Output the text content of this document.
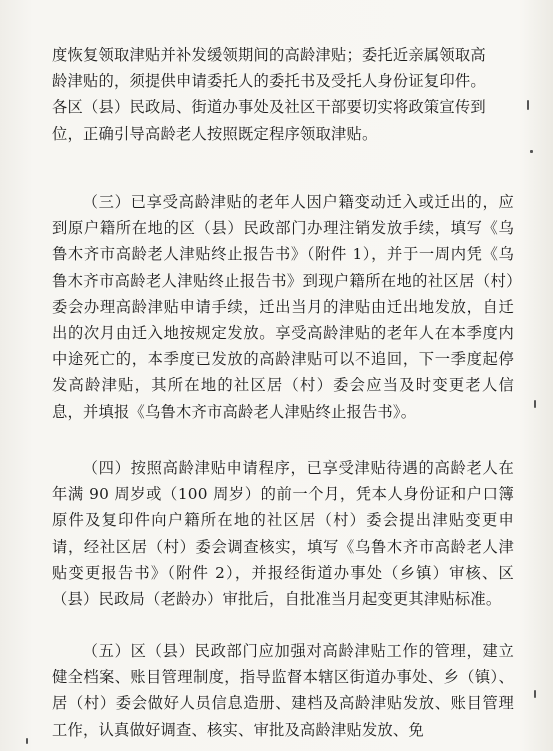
度恢复领取津贴并补发缓领期间的高龄津贴；委托近亲属领取高

龄津贴的，须提供申请委托人的委托书及受托人身份证复印件。

各区（县）民政局、街道办事处及社区干部要切实将政策宣传到

位，正确引导高龄老人按照既定程序领取津贴。

（三）已享受高龄津贴的老年人因户籍变动迁入或迁出的，应到原户籍所在地的区（县）民政部门办理注销发放手续，填写《乌鲁木齐市高龄老人津贴终止报告书》（附件 1），并于一周内凭《乌鲁木齐市高龄老人津贴终止报告书》到现户籍所在地的社区居（村）委会办理高龄津贴申请手续，迁出当月的津贴由迁出地发放，自迁出的次月由迁入地按规定发放。享受高龄津贴的老年人在本季度内中途死亡的，本季度已发放的高龄津贴可以不追回，下一季度起停发高龄津贴，其所在地的社区居（村）委会应当及时变更老人信息，并填报《乌鲁木齐市高龄老人津贴终止报告书》。

（四）按照高龄津贴申请程序，已享受津贴待遇的高龄老人在年满 90 周岁或（100 周岁）的前一个月，凭本人身份证和户口簿原件及复印件向户籍所在地的社区居（村）委会提出津贴变更申请，经社区居（村）委会调查核实，填写《乌鲁木齐市高龄老人津贴变更报告书》（附件 2），并报经街道办事处（乡镇）审核、区（县）民政局（老龄办）审批后，自批准当月起变更其津贴标准。

（五）区（县）民政部门应加强对高龄津贴工作的管理，建立健全档案、账目管理制度，指导监督本辖区街道办事处、乡（镇）、居（村）委会做好人员信息造册、建档及高龄津贴发放、账目管理工作，认真做好调查、核实、审批及高龄津贴发放、免
